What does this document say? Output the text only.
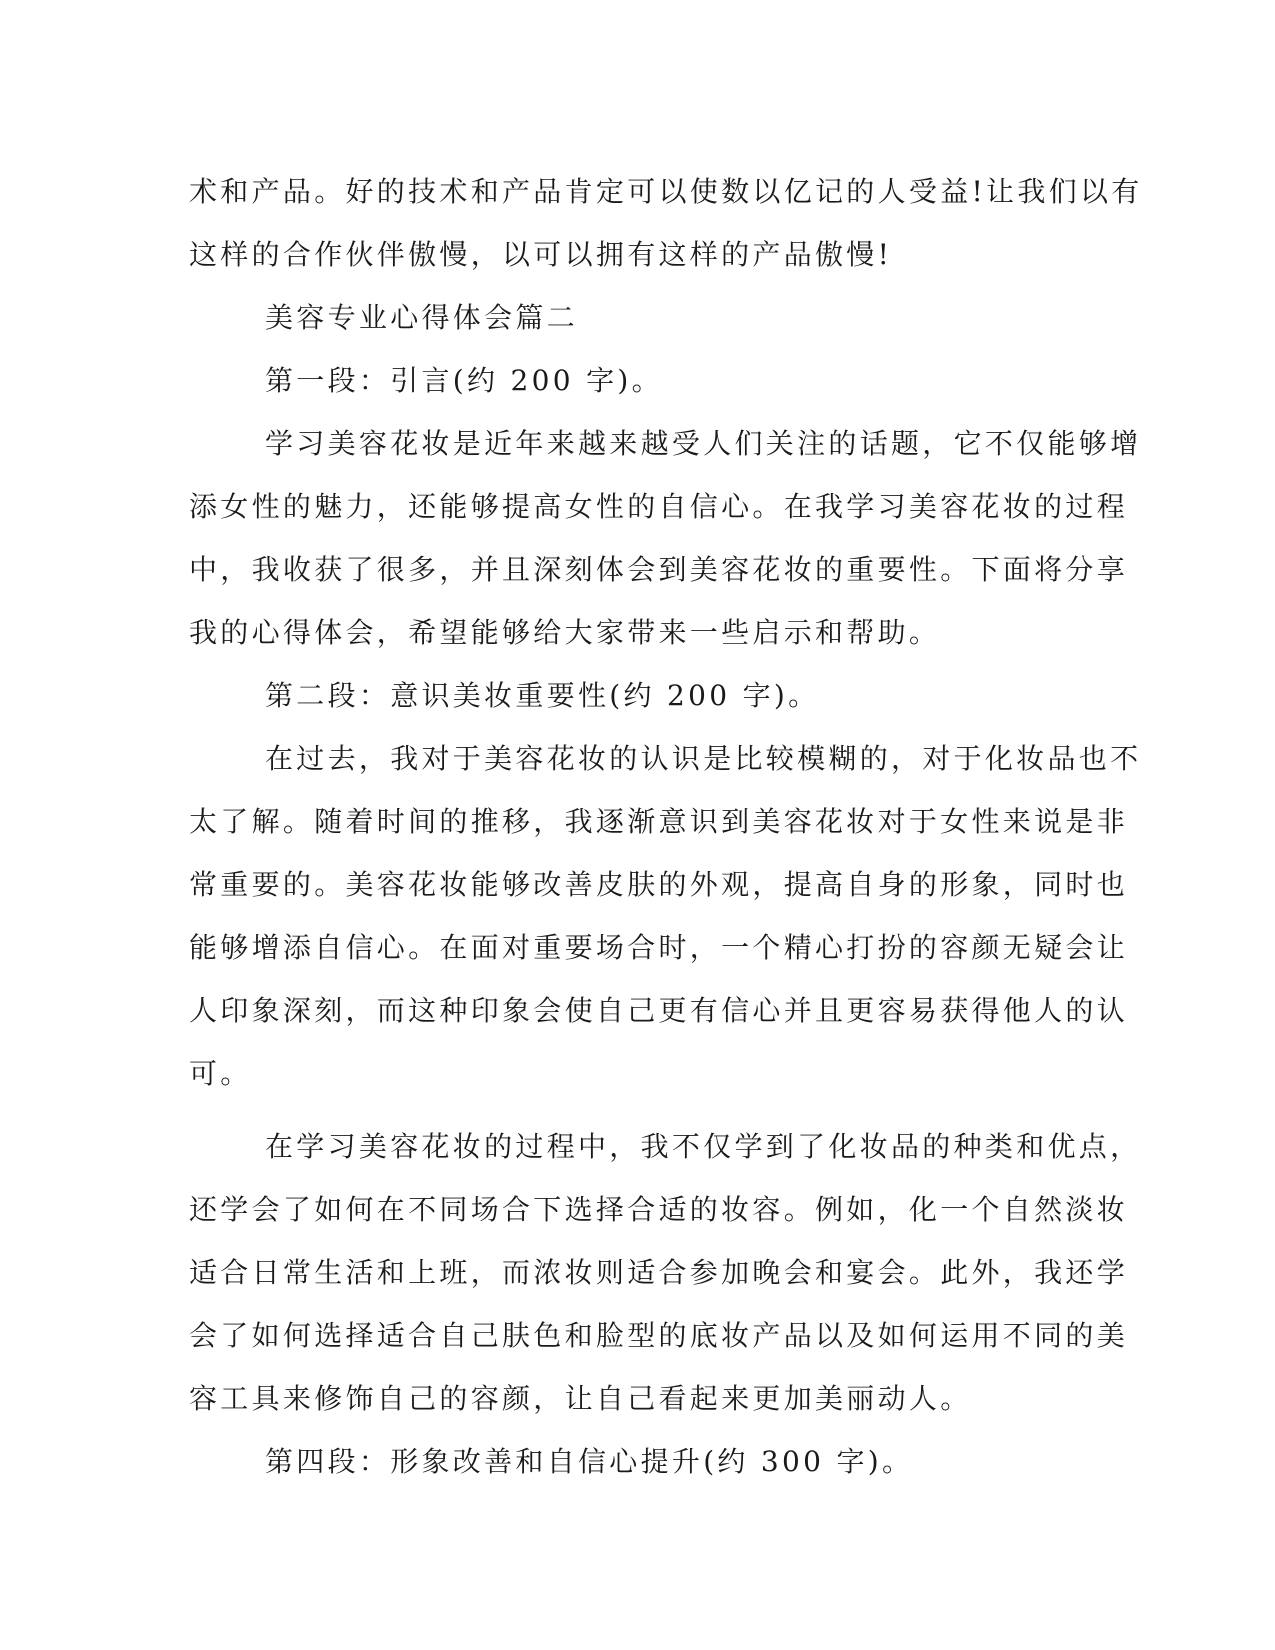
术和产品。好的技术和产品肯定可以使数以亿记的人受益!让我们以有
这样的合作伙伴傲慢，以可以拥有这样的产品傲慢!
美容专业心得体会篇二
第一段：引言(约 200 字)。
学习美容花妆是近年来越来越受人们关注的话题，它不仅能够增
添女性的魅力，还能够提高女性的自信心。在我学习美容花妆的过程
中，我收获了很多，并且深刻体会到美容花妆的重要性。下面将分享
我的心得体会，希望能够给大家带来一些启示和帮助。
第二段：意识美妆重要性(约 200 字)。
在过去，我对于美容花妆的认识是比较模糊的，对于化妆品也不
太了解。随着时间的推移，我逐渐意识到美容花妆对于女性来说是非
常重要的。美容花妆能够改善皮肤的外观，提高自身的形象，同时也
能够增添自信心。在面对重要场合时，一个精心打扮的容颜无疑会让
人印象深刻，而这种印象会使自己更有信心并且更容易获得他人的认
可。
在学习美容花妆的过程中，我不仅学到了化妆品的种类和优点，
还学会了如何在不同场合下选择合适的妆容。例如，化一个自然淡妆
适合日常生活和上班，而浓妆则适合参加晚会和宴会。此外，我还学
会了如何选择适合自己肤色和脸型的底妆产品以及如何运用不同的美
容工具来修饰自己的容颜，让自己看起来更加美丽动人。
第四段：形象改善和自信心提升(约 300 字)。
